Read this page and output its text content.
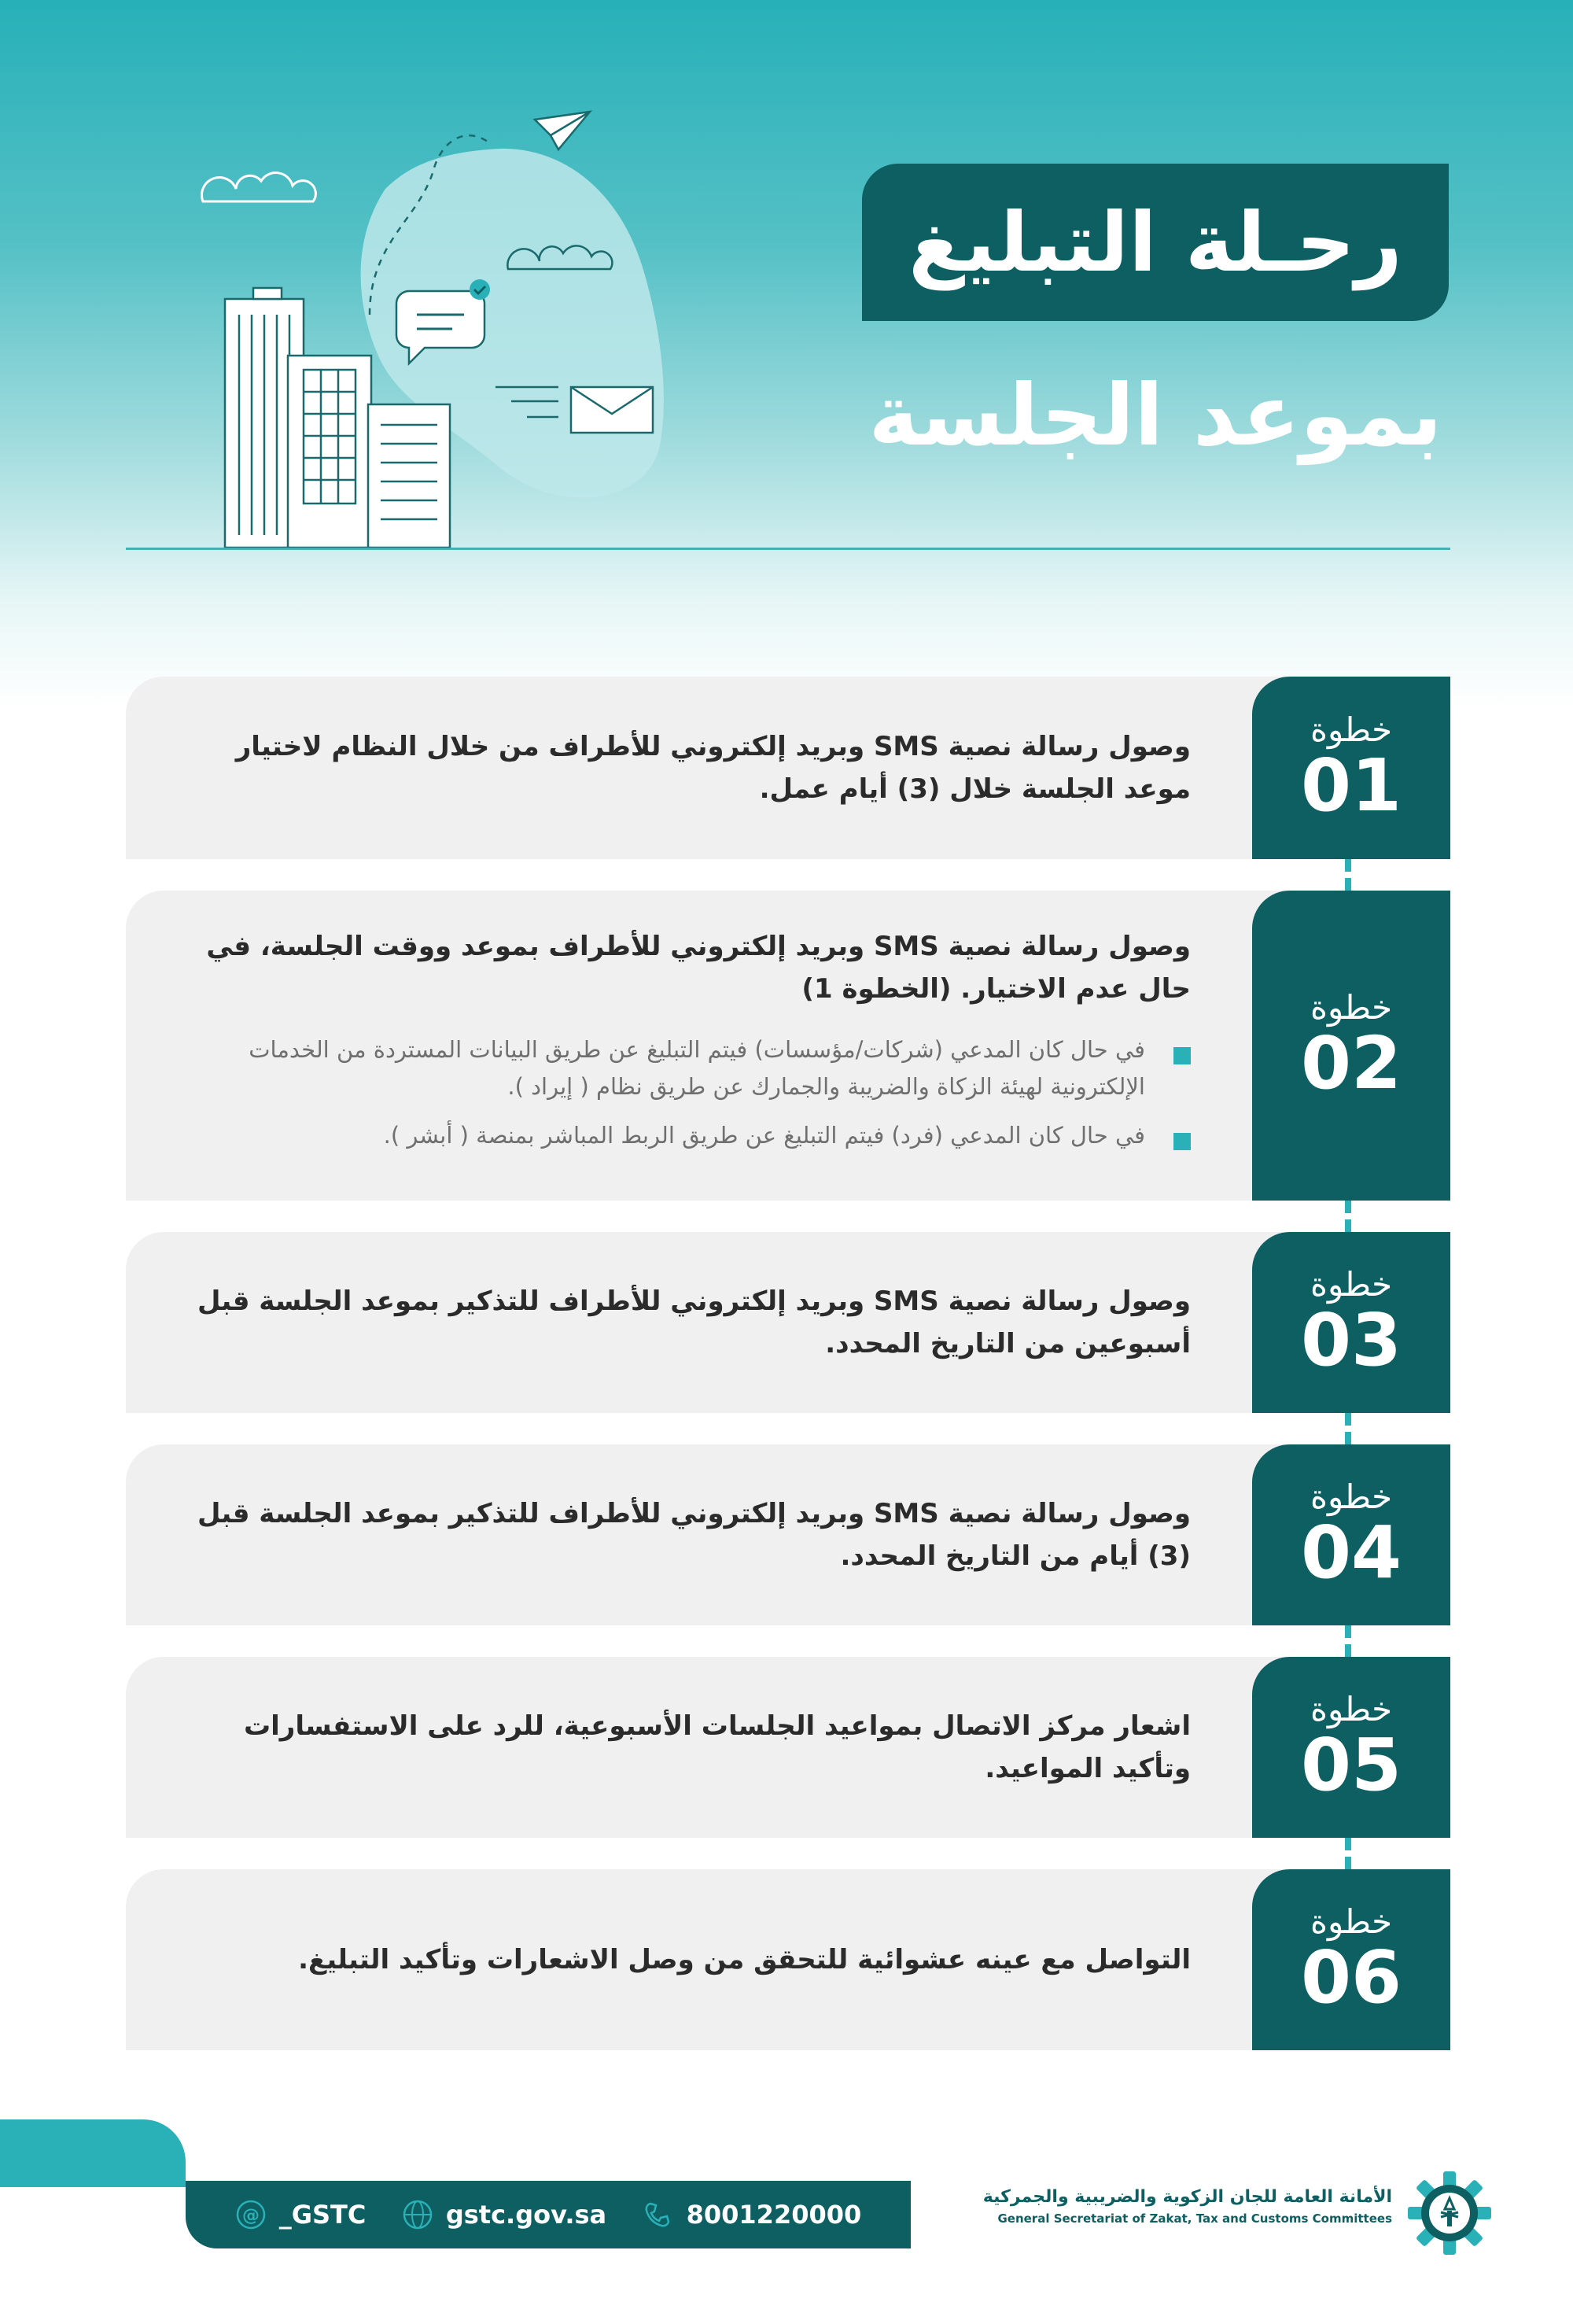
رحـلة التبليغ
بموعد الجلسة
وصول رسالة نصية SMS وبريد إلكتروني للأطراف من خلال النظام لاختيار موعد الجلسة خلال (3) أيام عمل.
خطوة
01
وصول رسالة نصية SMS وبريد إلكتروني للأطراف بموعد ووقت الجلسة، في حال عدم الاختيار. (الخطوة 1)
في حال كان المدعي (شركات/مؤسسات) فيتم التبليغ عن طريق البيانات المستردة من الخدمات الإلكترونية لهيئة الزكاة والضريبة والجمارك عن طريق نظام ( إيراد ).
في حال كان المدعي (فرد) فيتم التبليغ عن طريق الربط المباشر بمنصة ( أبشر ).
خطوة
02
وصول رسالة نصية SMS وبريد إلكتروني للأطراف للتذكير بموعد الجلسة قبل أسبوعين من التاريخ المحدد.
خطوة
03
وصول رسالة نصية SMS وبريد إلكتروني للأطراف للتذكير بموعد الجلسة قبل (3) أيام من التاريخ المحدد.
خطوة
04
اشعار مركز الاتصال بمواعيد الجلسات الأسبوعية، للرد على الاستفسارات وتأكيد المواعيد.
خطوة
05
التواصل مع عينه عشوائية للتحقق من وصل الاشعارات وتأكيد التبليغ.
خطوة
06
@ _GSTC	gstc.gov.sa	8001220000
الأمانة العامة للجان الزكوية والضريبية والجمركية
General Secretariat of Zakat, Tax and Customs Committees
